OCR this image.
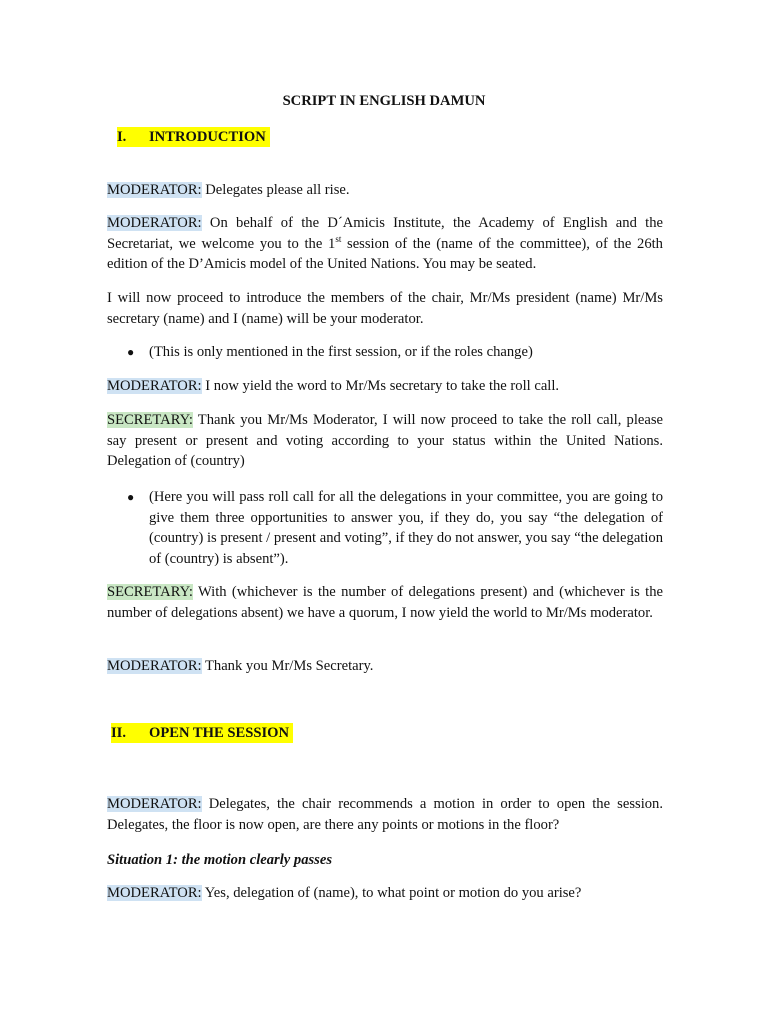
SCRIPT IN ENGLISH DAMUN
I. INTRODUCTION
MODERATOR: Delegates please all rise.
MODERATOR: On behalf of the D´Amicis Institute, the Academy of English and the Secretariat, we welcome you to the 1st session of the (name of the committee), of the 26th edition of the D’Amicis model of the United Nations. You may be seated.
I will now proceed to introduce the members of the chair, Mr/Ms president (name) Mr/Ms secretary (name) and I (name) will be your moderator.
● (This is only mentioned in the first session, or if the roles change)
MODERATOR: I now yield the word to Mr/Ms secretary to take the roll call.
SECRETARY: Thank you Mr/Ms Moderator, I will now proceed to take the roll call, please say present or present and voting according to your status within the United Nations. Delegation of (country)
● (Here you will pass roll call for all the delegations in your committee, you are going to give them three opportunities to answer you, if they do, you say “the delegation of (country) is present / present and voting”, if they do not answer, you say “the delegation of (country) is absent”).
SECRETARY: With (whichever is the number of delegations present) and (whichever is the number of delegations absent) we have a quorum, I now yield the world to Mr/Ms moderator.
MODERATOR: Thank you Mr/Ms Secretary.
II. OPEN THE SESSION
MODERATOR: Delegates, the chair recommends a motion in order to open the session. Delegates, the floor is now open, are there any points or motions in the floor?
Situation 1: the motion clearly passes
MODERATOR: Yes, delegation of (name), to what point or motion do you arise?
